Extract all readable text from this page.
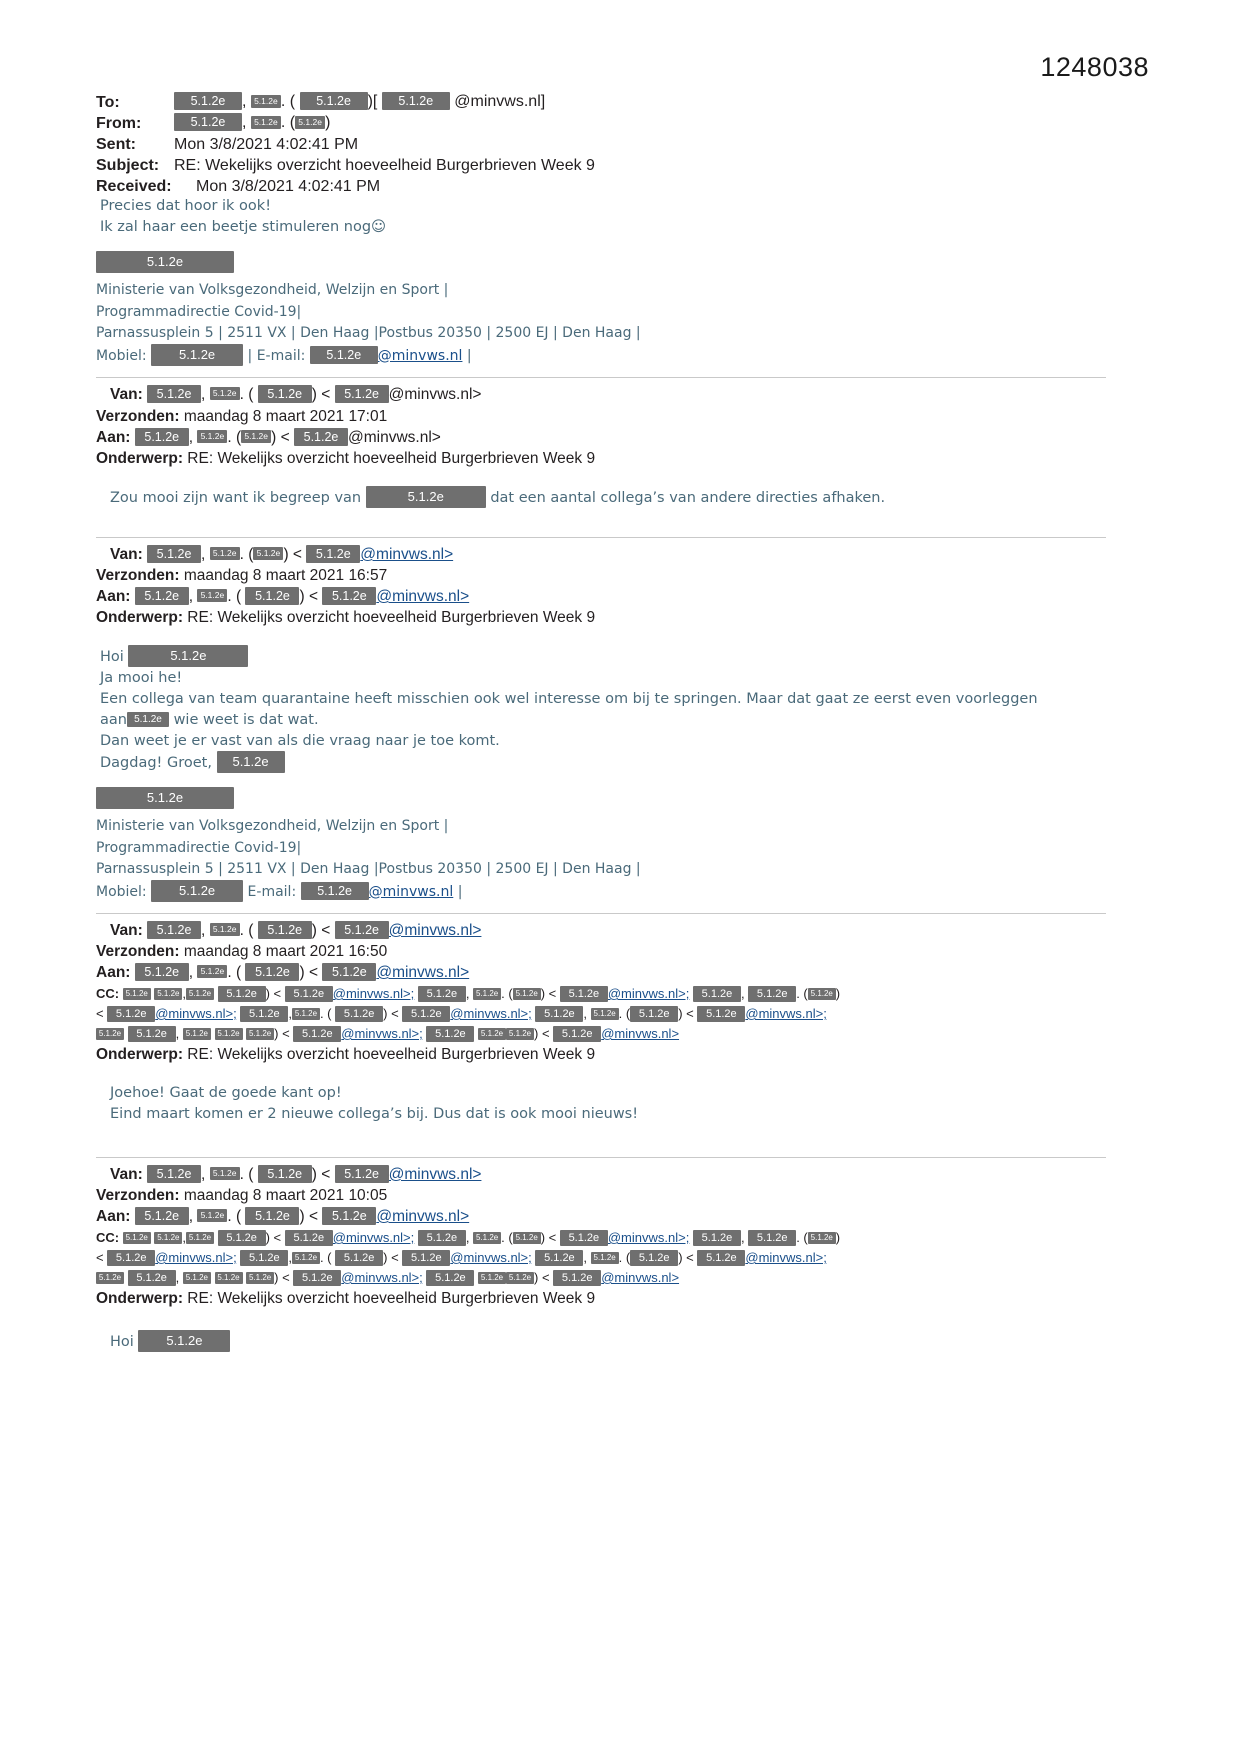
1248038
To:	5.1.2e , 5.1.2e . ( 5.1.2e )[ 5.1.2e @minvws.nl]
From:	5.1.2e , 5.1.2e . ( 5.1.2e )
Sent:	Mon 3/8/2021 4:02:41 PM
Subject: RE: Wekelijks overzicht hoeveelheid Burgerbrieven Week 9
Received: Mon 3/8/2021 4:02:41 PM
Precies dat hoor ik ook!
Ik zal haar een beetje stimuleren nog☺
5.1.2e
Ministerie van Volksgezondheid, Welzijn en Sport |
Programmadirectie Covid-19|
Parnassusplein 5 | 2511 VX | Den Haag |Postbus 20350 | 2500 EJ | Den Haag |
Mobiel: 5.1.2e | E-mail: 5.1.2e @minvws.nl |
Van: 5.1.2e , 5.1.2e . ( 5.1.2e ) < 5.1.2e @minvws.nl>
Verzonden: maandag 8 maart 2021 17:01
Aan: 5.1.2e , 5.1.2e . ( 5.1.2e ) < 5.1.2e @minvws.nl>
Onderwerp: RE: Wekelijks overzicht hoeveelheid Burgerbrieven Week 9
Zou mooi zijn want ik begreep van	5.1.2e	dat een aantal collega’s van andere directies afhaken.
Van: 5.1.2e , 5.1.2e . ( 5.1.2e ) < 5.1.2e @minvws.nl>
Verzonden: maandag 8 maart 2021 16:57
Aan: 5.1.2e , 5.1.2e . ( 5.1.2e ) < 5.1.2e @minvws.nl>
Onderwerp: RE: Wekelijks overzicht hoeveelheid Burgerbrieven Week 9
Hoi	5.1.2e
Ja mooi he!
Een collega van team quarantaine heeft misschien ook wel interesse om bij te springen. Maar dat gaat ze eerst even voorleggen
aan 5.1.2e wie weet is dat wat.
Dan weet je er vast van als die vraag naar je toe komt.
Dagdag! Groet, 5.1.2e
5.1.2e
Ministerie van Volksgezondheid, Welzijn en Sport |
Programmadirectie Covid-19|
Parnassusplein 5 | 2511 VX | Den Haag |Postbus 20350 | 2500 EJ | Den Haag |
Mobiel: 5.1.2e E-mail: 5.1.2e @minvws.nl |
Van: 5.1.2e , 5.1.2e . ( 5.1.2e ) < 5.1.2e @minvws.nl>
Verzonden: maandag 8 maart 2021 16:50
Aan: 5.1.2e , 5.1.2e . ( 5.1.2e ) < 5.1.2e @minvws.nl>
CC: 5.1.2e 5.1.2e , 5.1.2e 5.1.2e ) < 5.1.2e @minvws.nl>; 5.1.2e , 5.1.2e . ( 5.1.2e ) < 5.1.2e @minvws.nl>; 5.1.2e , 5.1.2e . ( 5.1.2e )
< 5.1.2e @minvws.nl>; 5.1.2e , 5.1.2e . ( 5.1.2e ) < 5.1.2e @minvws.nl>; 5.1.2e , 5.1.2e . ( 5.1.2e ) < 5.1.2e @minvws.nl>;
5.1.2e 5.1.2e , 5.1.2e 5.1.2e 5.1.2e ) < 5.1.2e @minvws.nl>; 5.1.2e 5.1.2e 5.1.2e ) < 5.1.2e @minvws.nl>
Onderwerp: RE: Wekelijks overzicht hoeveelheid Burgerbrieven Week 9
Joehoe! Gaat de goede kant op!
Eind maart komen er 2 nieuwe collega’s bij. Dus dat is ook mooi nieuws!
Van: 5.1.2e , 5.1.2e . ( 5.1.2e ) < 5.1.2e @minvws.nl>
Verzonden: maandag 8 maart 2021 10:05
Aan: 5.1.2e , 5.1.2e . ( 5.1.2e ) < 5.1.2e @minvws.nl>
CC: 5.1.2e 5.1.2e , 5.1.2e 5.1.2e ) < 5.1.2e @minvws.nl>; 5.1.2e , 5.1.2e . ( 5.1.2e ) < 5.1.2e @minvws.nl>; 5.1.2e , 5.1.2e . ( 5.1.2e )
< 5.1.2e @minvws.nl>; 5.1.2e , 5.1.2e . ( 5.1.2e ) < 5.1.2e @minvws.nl>; 5.1.2e , 5.1.2e . ( 5.1.2e ) < 5.1.2e @minvws.nl>;
5.1.2e 5.1.2e , 5.1.2e 5.1.2e 5.1.2e ) < 5.1.2e @minvws.nl>; 5.1.2e 5.1.2e 5.1.2e ) < 5.1.2e @minvws.nl>
Onderwerp: RE: Wekelijks overzicht hoeveelheid Burgerbrieven Week 9
Hoi	5.1.2e
